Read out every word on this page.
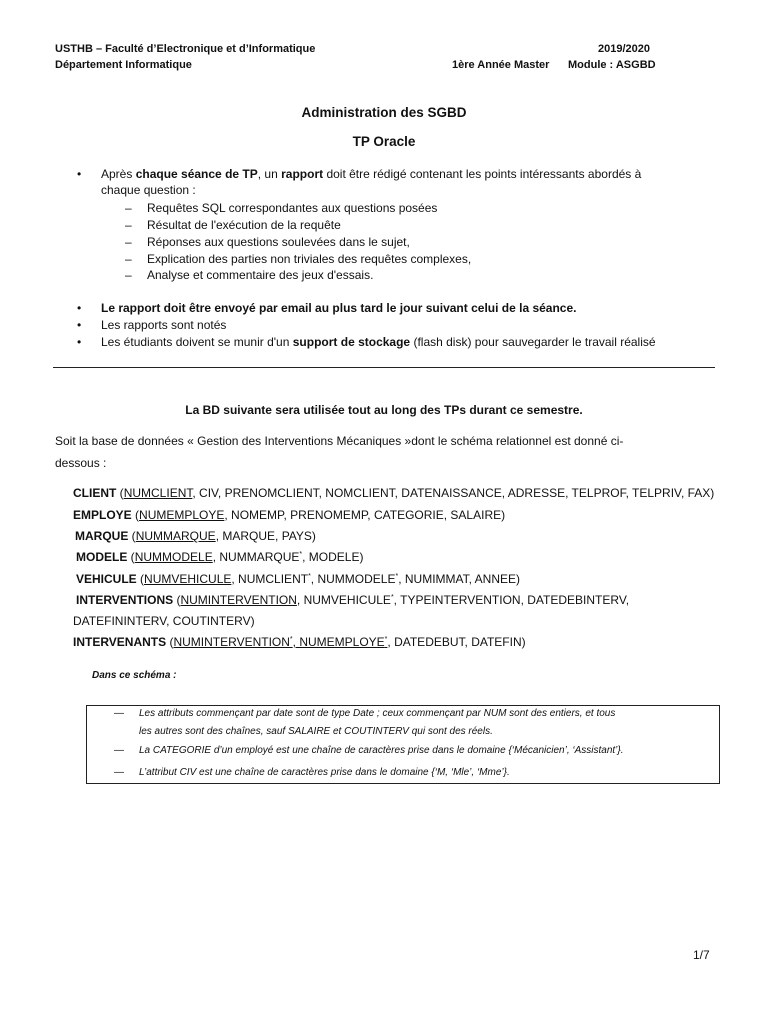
USTHB – Faculté d’Electronique et d’Informatique	2019/2020
Département Informatique	1ère Année Master Module : ASGBD
Administration des SGBD
TP Oracle
• Après chaque séance de TP, un rapport doit être rédigé contenant les points intéressants abordés à
chaque question :
– Requêtes SQL correspondantes aux questions posées
– Résultat de l'exécution de la requête
– Réponses aux questions soulevées dans le sujet,
– Explication des parties non triviales des requêtes complexes,
– Analyse et commentaire des jeux d'essais.
• Le rapport doit être envoyé par email au plus tard le jour suivant celui de la séance.
• Les rapports sont notés
• Les étudiants doivent se munir d'un support de stockage (flash disk) pour sauvegarder le travail réalisé
La BD suivante sera utilisée tout au long des TPs durant ce semestre.
Soit la base de données « Gestion des Interventions Mécaniques »dont le schéma relationnel est donné ci-
dessous :
CLIENT (NUMCLIENT, CIV, PRENOMCLIENT, NOMCLIENT, DATENAISSANCE, ADRESSE, TELPROF, TELPRIV, FAX)
EMPLOYE (NUMEMPLOYE, NOMEMP, PRENOMEMP, CATEGORIE, SALAIRE)
MARQUE (NUMMARQUE, MARQUE, PAYS)
MODELE (NUMMODELE, NUMMARQUE*, MODELE)
VEHICULE (NUMVEHICULE, NUMCLIENT*, NUMMODELE*, NUMIMMAT, ANNEE)
INTERVENTIONS (NUMINTERVENTION, NUMVEHICULE*, TYPEINTERVENTION, DATEDEBINTERV,
DATEFININTERV, COUTINTERV)
INTERVENANTS (NUMINTERVENTION*, NUMEMPLOYE*, DATEDEBUT, DATEFIN)
Dans ce schéma :
— Les attributs commençant par date sont de type Date ; ceux commençant par NUM sont des entiers, et tous
les autres sont des chaînes, sauf SALAIRE et COUTINTERV qui sont des réels.
— La CATEGORIE d’un employé est une chaîne de caractères prise dans le domaine {‘Mécanicien’, ‘Assistant’}.
— L’attribut CIV est une chaîne de caractères prise dans le domaine {‘M, ‘Mle’, ‘Mme’}.
1/7
